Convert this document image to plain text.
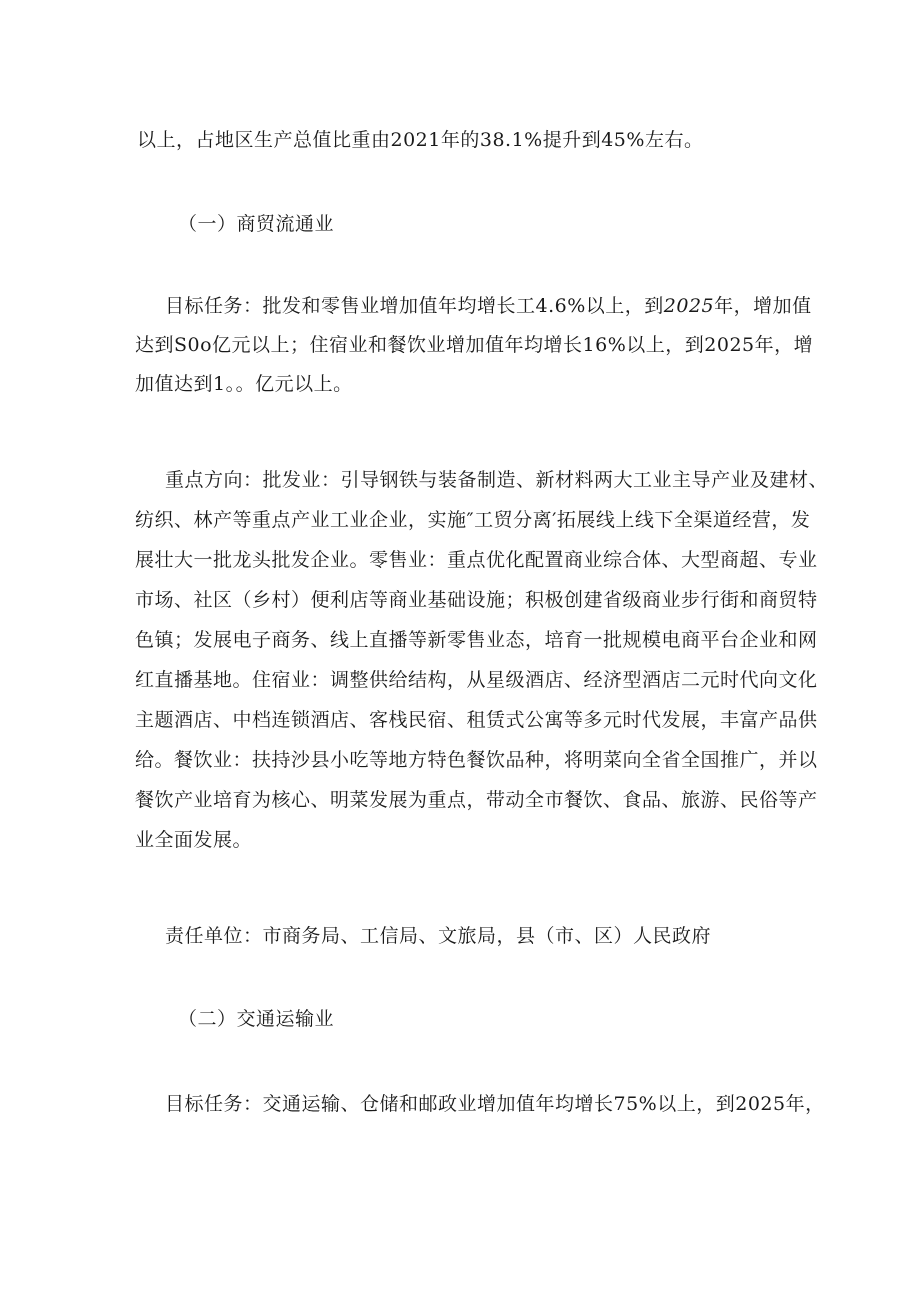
以上，占地区生产总值比重由2021年的38.1%提升到45%左右。
（一）商贸流通业
目标任务：批发和零售业增加值年均增长工4.6%以上，到2025年，增加值
达到S0o亿元以上；住宿业和餐饮业增加值年均增长16%以上，到2025年，增
加值达到1。。亿元以上。
重点方向：批发业：引导钢铁与装备制造、新材料两大工业主导产业及建材、
纺织、林产等重点产业工业企业，实施″工贸分离′拓展线上线下全渠道经营，发
展壮大一批龙头批发企业。零售业：重点优化配置商业综合体、大型商超、专业
市场、社区（乡村）便利店等商业基础设施；积极创建省级商业步行街和商贸特
色镇；发展电子商务、线上直播等新零售业态，培育一批规模电商平台企业和网
红直播基地。住宿业：调整供给结构，从星级酒店、经济型酒店二元时代向文化
主题酒店、中档连锁酒店、客栈民宿、租赁式公寓等多元时代发展，丰富产品供
给。餐饮业：扶持沙县小吃等地方特色餐饮品种，将明菜向全省全国推广，并以
餐饮产业培育为核心、明菜发展为重点，带动全市餐饮、食品、旅游、民俗等产
业全面发展。
责任单位：市商务局、工信局、文旅局，县（市、区）人民政府
（二）交通运输业
目标任务：交通运输、仓储和邮政业增加值年均增长75%以上，到2025年，
